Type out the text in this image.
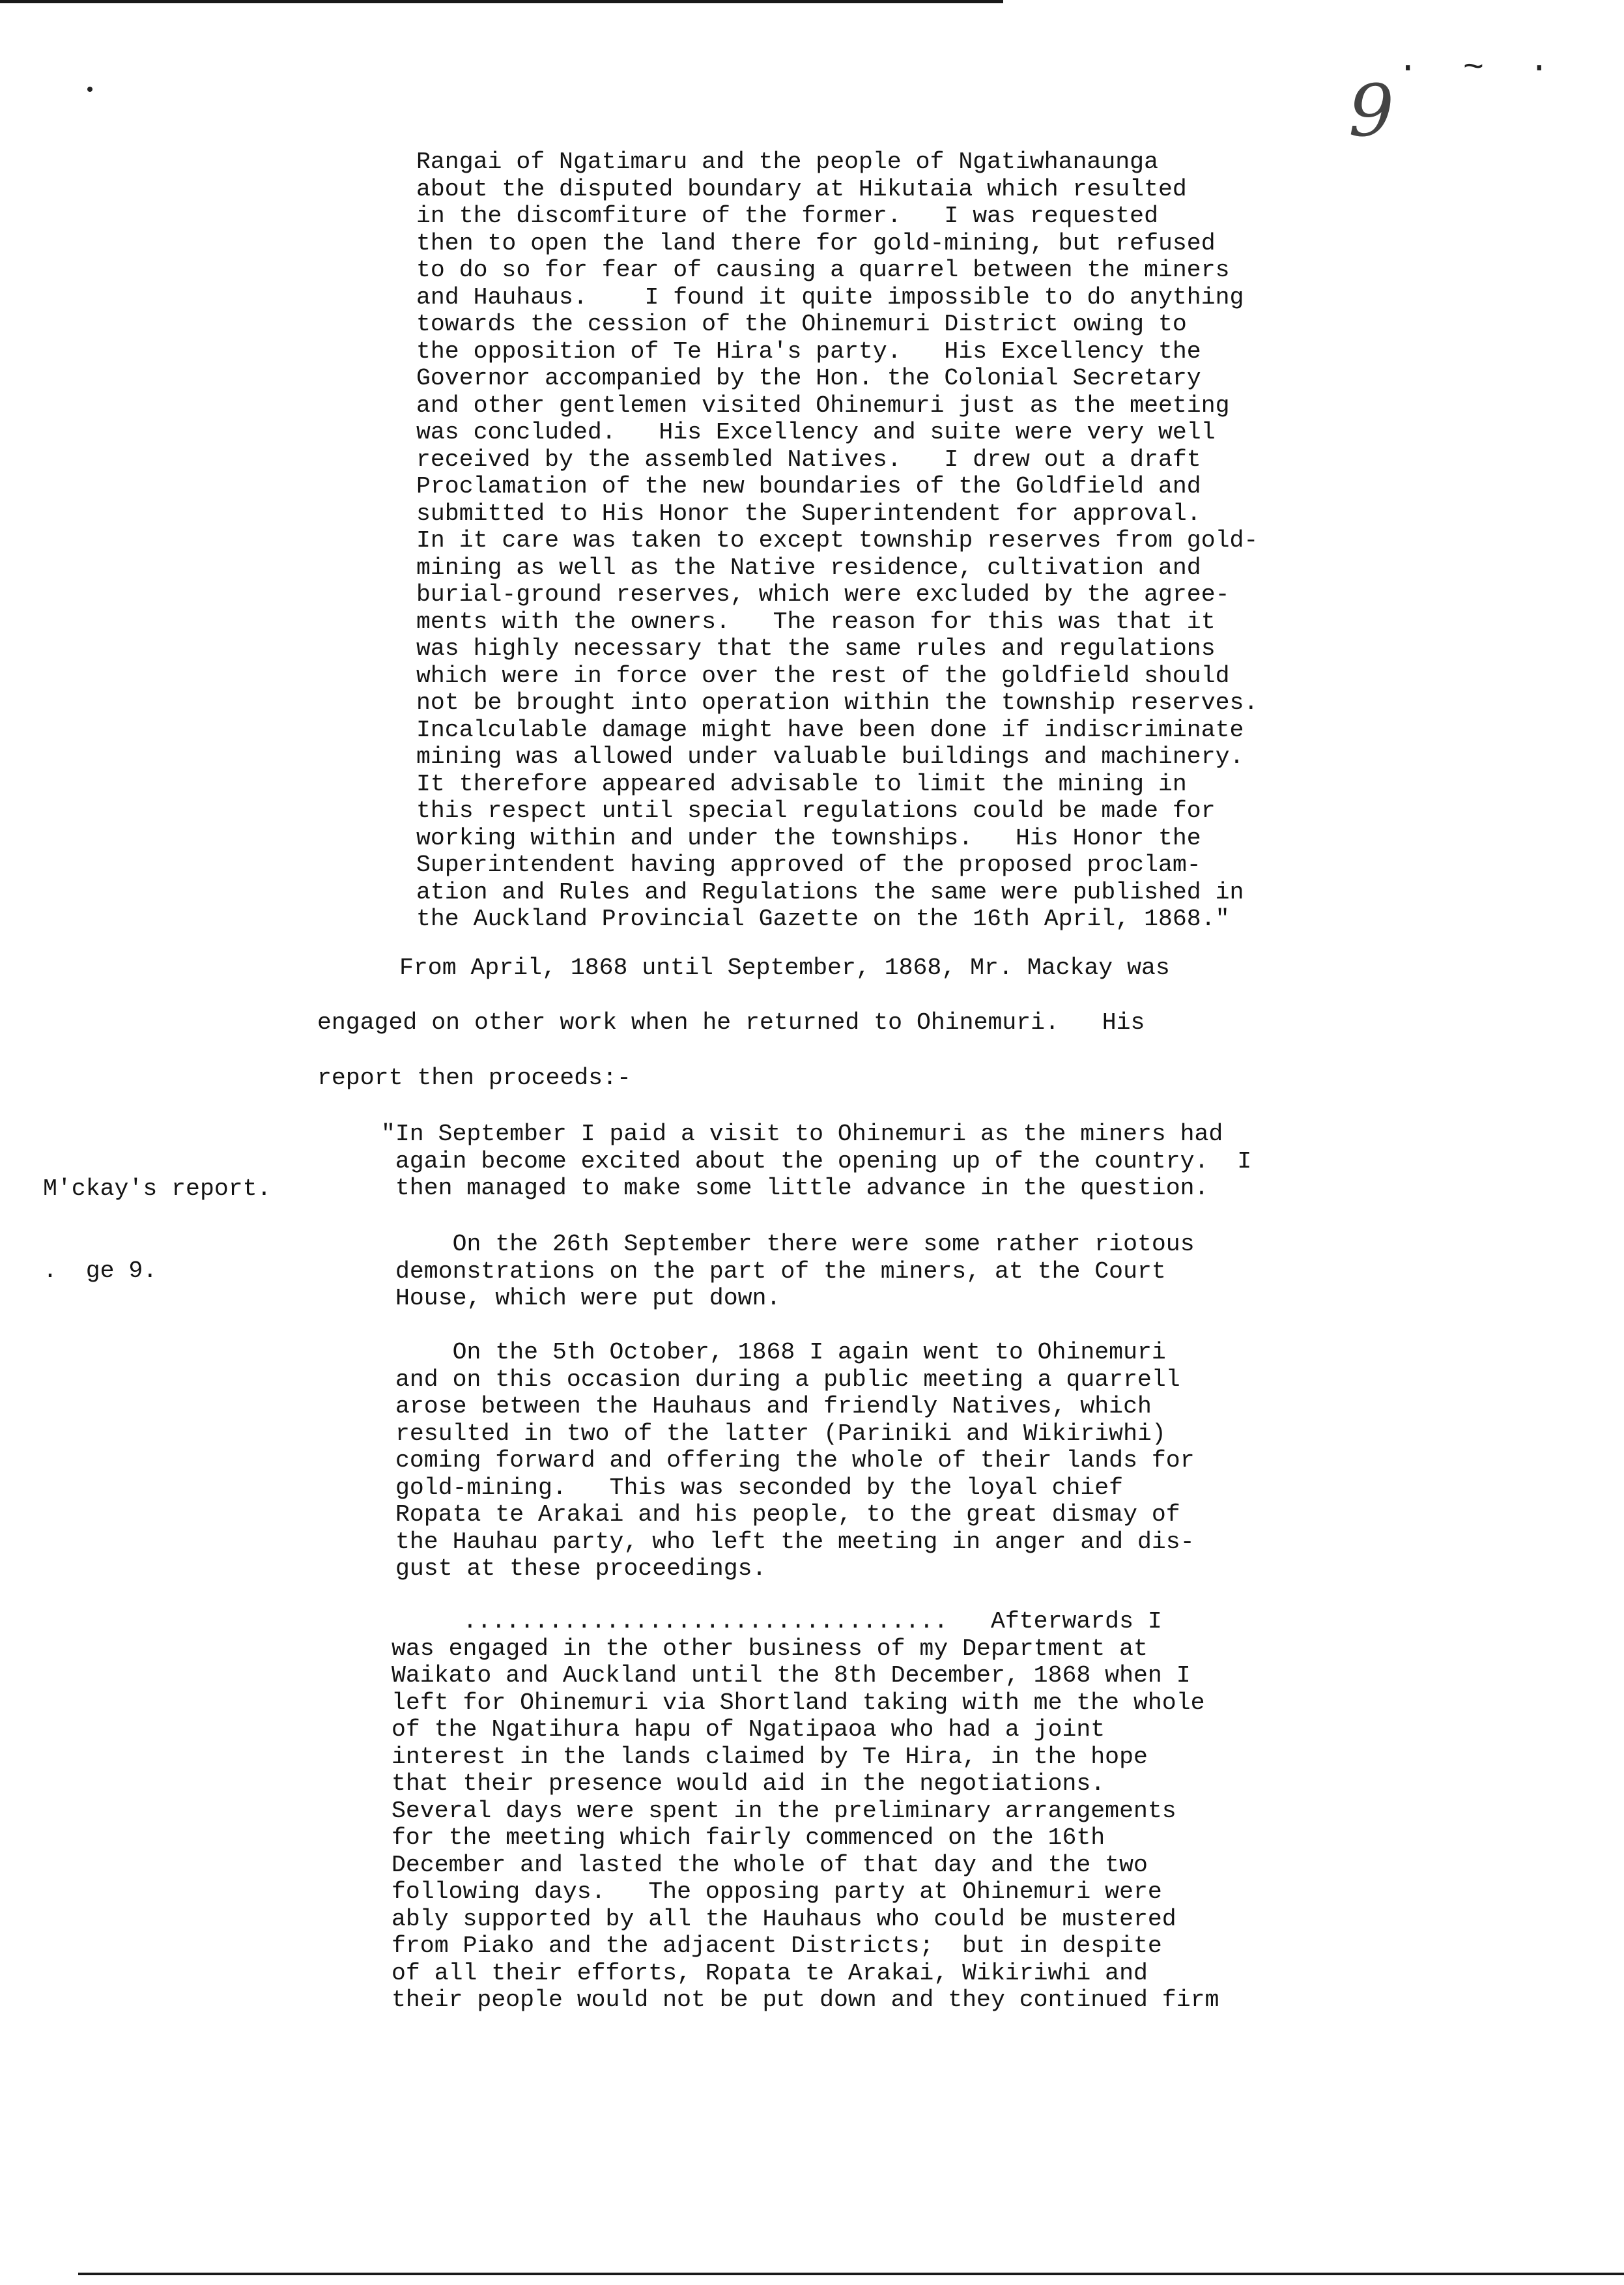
· ~ ·
9
Rangai of Ngatimaru and the people of Ngatiwhanaunga
about the disputed boundary at Hikutaia which resulted
in the discomfiture of the former.   I was requested
then to open the land there for gold-mining, but refused
to do so for fear of causing a quarrel between the miners
and Hauhaus.    I found it quite impossible to do anything
towards the cession of the Ohinemuri District owing to
the opposition of Te Hira's party.   His Excellency the
Governor accompanied by the Hon. the Colonial Secretary
and other gentlemen visited Ohinemuri just as the meeting
was concluded.   His Excellency and suite were very well
received by the assembled Natives.   I drew out a draft
Proclamation of the new boundaries of the Goldfield and
submitted to His Honor the Superintendent for approval.
In it care was taken to except township reserves from gold-
mining as well as the Native residence, cultivation and
burial-ground reserves, which were excluded by the agree-
ments with the owners.   The reason for this was that it
was highly necessary that the same rules and regulations
which were in force over the rest of the goldfield should
not be brought into operation within the township reserves.
Incalculable damage might have been done if indiscriminate
mining was allowed under valuable buildings and machinery.
It therefore appeared advisable to limit the mining in
this respect until special regulations could be made for
working within and under the townships.   His Honor the
Superintendent having approved of the proposed proclam-
ation and Rules and Regulations the same were published in
the Auckland Provincial Gazette on the 16th April, 1868."
From April, 1868 until September, 1868, Mr. Mackay was
engaged on other work when he returned to Ohinemuri.   His
report then proceeds:-

M'ckay's report.

.  ge 9.

"In September I paid a visit to Ohinemuri as the miners had
again become excited about the opening up of the country.  I
then managed to make some little advance in the question.
On the 26th September there were some rather riotous
demonstrations on the part of the miners, at the Court
House, which were put down.
On the 5th October, 1868 I again went to Ohinemuri
and on this occasion during a public meeting a quarrell
arose between the Hauhaus and friendly Natives, which
resulted in two of the latter (Pariniki and Wikiriwhi)
coming forward and offering the whole of their lands for
gold-mining.   This was seconded by the loyal chief
Ropata te Arakai and his people, to the great dismay of
the Hauhau party, who left the meeting in anger and dis-
gust at these proceedings.
..................................   Afterwards I
was engaged in the other business of my Department at
Waikato and Auckland until the 8th December, 1868 when I
left for Ohinemuri via Shortland taking with me the whole
of the Ngatihura hapu of Ngatipaoa who had a joint
interest in the lands claimed by Te Hira, in the hope
that their presence would aid in the negotiations.
Several days were spent in the preliminary arrangements
for the meeting which fairly commenced on the 16th
December and lasted the whole of that day and the two
following days.   The opposing party at Ohinemuri were
ably supported by all the Hauhaus who could be mustered
from Piako and the adjacent Districts;  but in despite
of all their efforts, Ropata te Arakai, Wikiriwhi and
their people would not be put down and they continued firm
